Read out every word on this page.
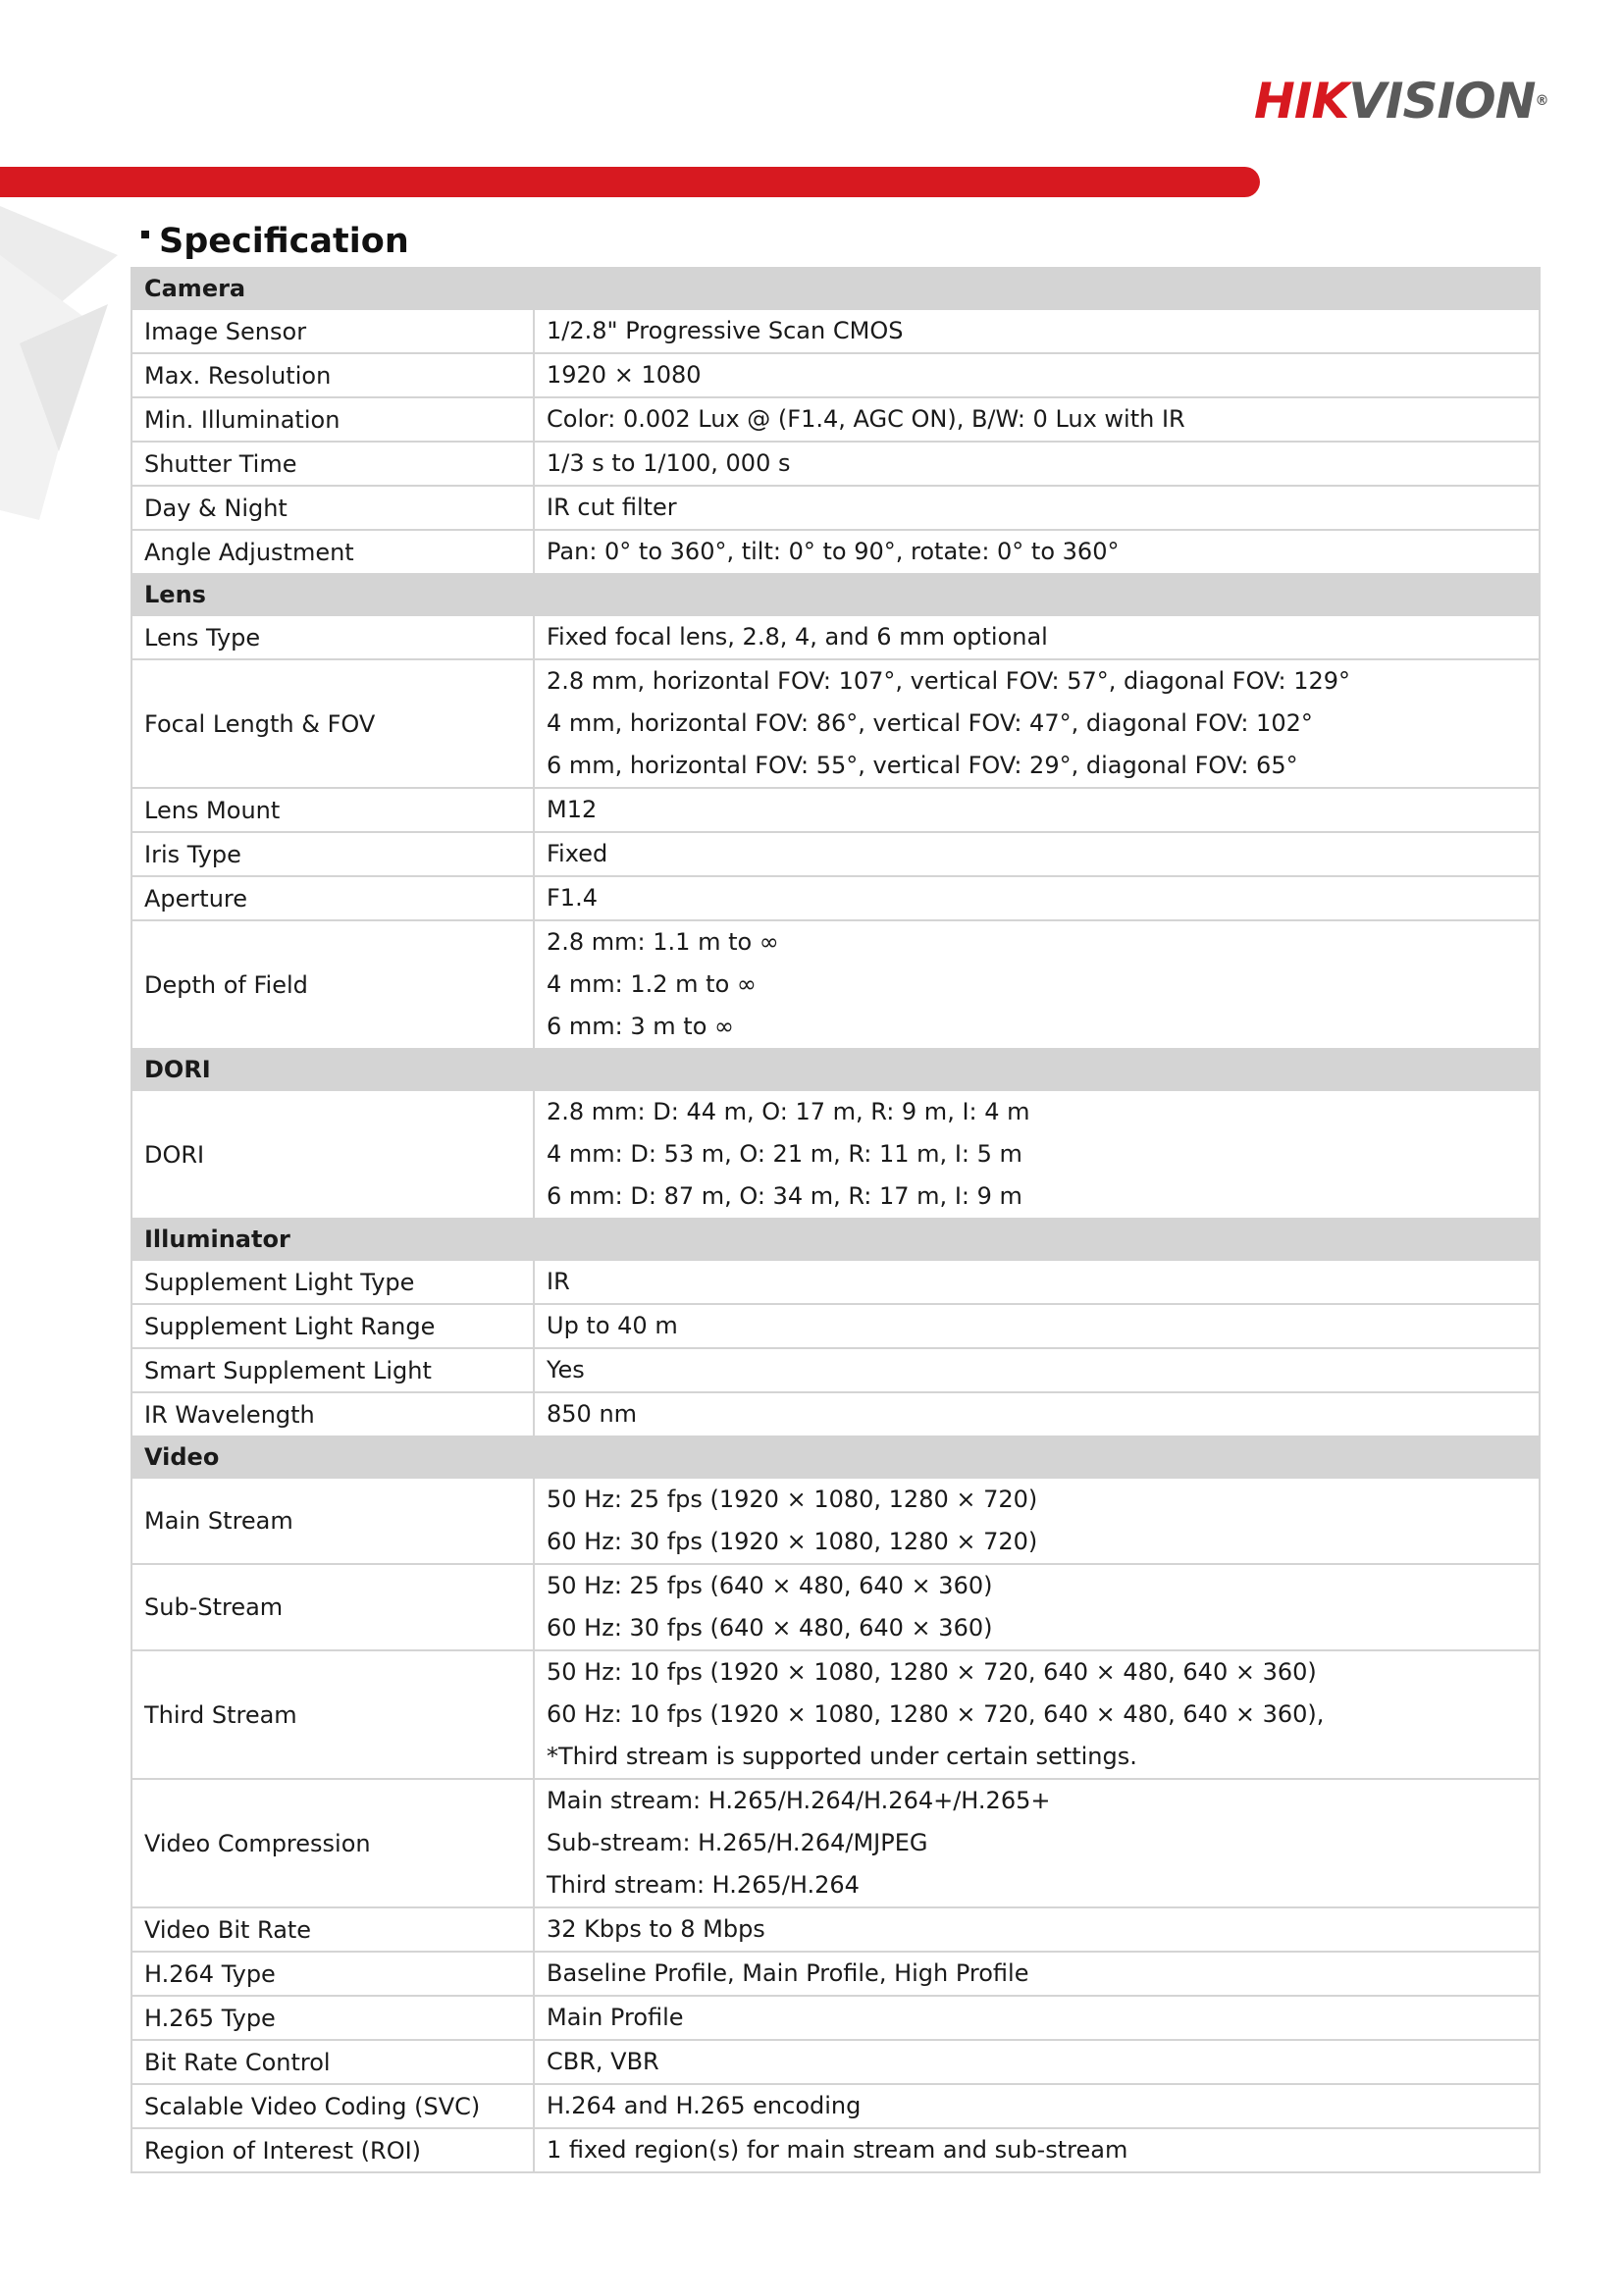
HIKVISION®
Specification
Camera	
Image Sensor	1/2.8" Progressive Scan CMOS

Max. Resolution	1920 × 1080

Min. Illumination	Color: 0.002 Lux @ (F1.4, AGC ON), B/W: 0 Lux with IR

Shutter Time	1/3 s to 1/100, 000 s

Day & Night	IR cut filter

Angle Adjustment	Pan: 0° to 360°, tilt: 0° to 90°, rotate: 0° to 360°

Lens	
Lens Type	Fixed focal lens, 2.8, 4, and 6 mm optional

Focal Length & FOV	2.8 mm, horizontal FOV: 107°, vertical FOV: 57°, diagonal FOV: 129°
4 mm, horizontal FOV: 86°, vertical FOV: 47°, diagonal FOV: 102°
6 mm, horizontal FOV: 55°, vertical FOV: 29°, diagonal FOV: 65°

Lens Mount	M12

Iris Type	Fixed

Aperture	F1.4

Depth of Field	2.8 mm: 1.1 m to ∞
4 mm: 1.2 m to ∞
6 mm: 3 m to ∞

DORI	
DORI	2.8 mm: D: 44 m, O: 17 m, R: 9 m, I: 4 m
4 mm: D: 53 m, O: 21 m, R: 11 m, I: 5 m
6 mm: D: 87 m, O: 34 m, R: 17 m, I: 9 m

Illuminator	
Supplement Light Type	IR

Supplement Light Range	Up to 40 m

Smart Supplement Light	Yes

IR Wavelength	850 nm

Video	
Main Stream	50 Hz: 25 fps (1920 × 1080, 1280 × 720)
60 Hz: 30 fps (1920 × 1080, 1280 × 720)

Sub-Stream	50 Hz: 25 fps (640 × 480, 640 × 360)
60 Hz: 30 fps (640 × 480, 640 × 360)

Third Stream	50 Hz: 10 fps (1920 × 1080, 1280 × 720, 640 × 480, 640 × 360)
60 Hz: 10 fps (1920 × 1080, 1280 × 720, 640 × 480, 640 × 360),
*Third stream is supported under certain settings.

Video Compression	Main stream: H.265/H.264/H.264+/H.265+
Sub-stream: H.265/H.264/MJPEG
Third stream: H.265/H.264

Video Bit Rate	32 Kbps to 8 Mbps

H.264 Type	Baseline Profile, Main Profile, High Profile

H.265 Type	Main Profile

Bit Rate Control	CBR, VBR

Scalable Video Coding (SVC)	H.264 and H.265 encoding

Region of Interest (ROI)	1 fixed region(s) for main stream and sub-stream
